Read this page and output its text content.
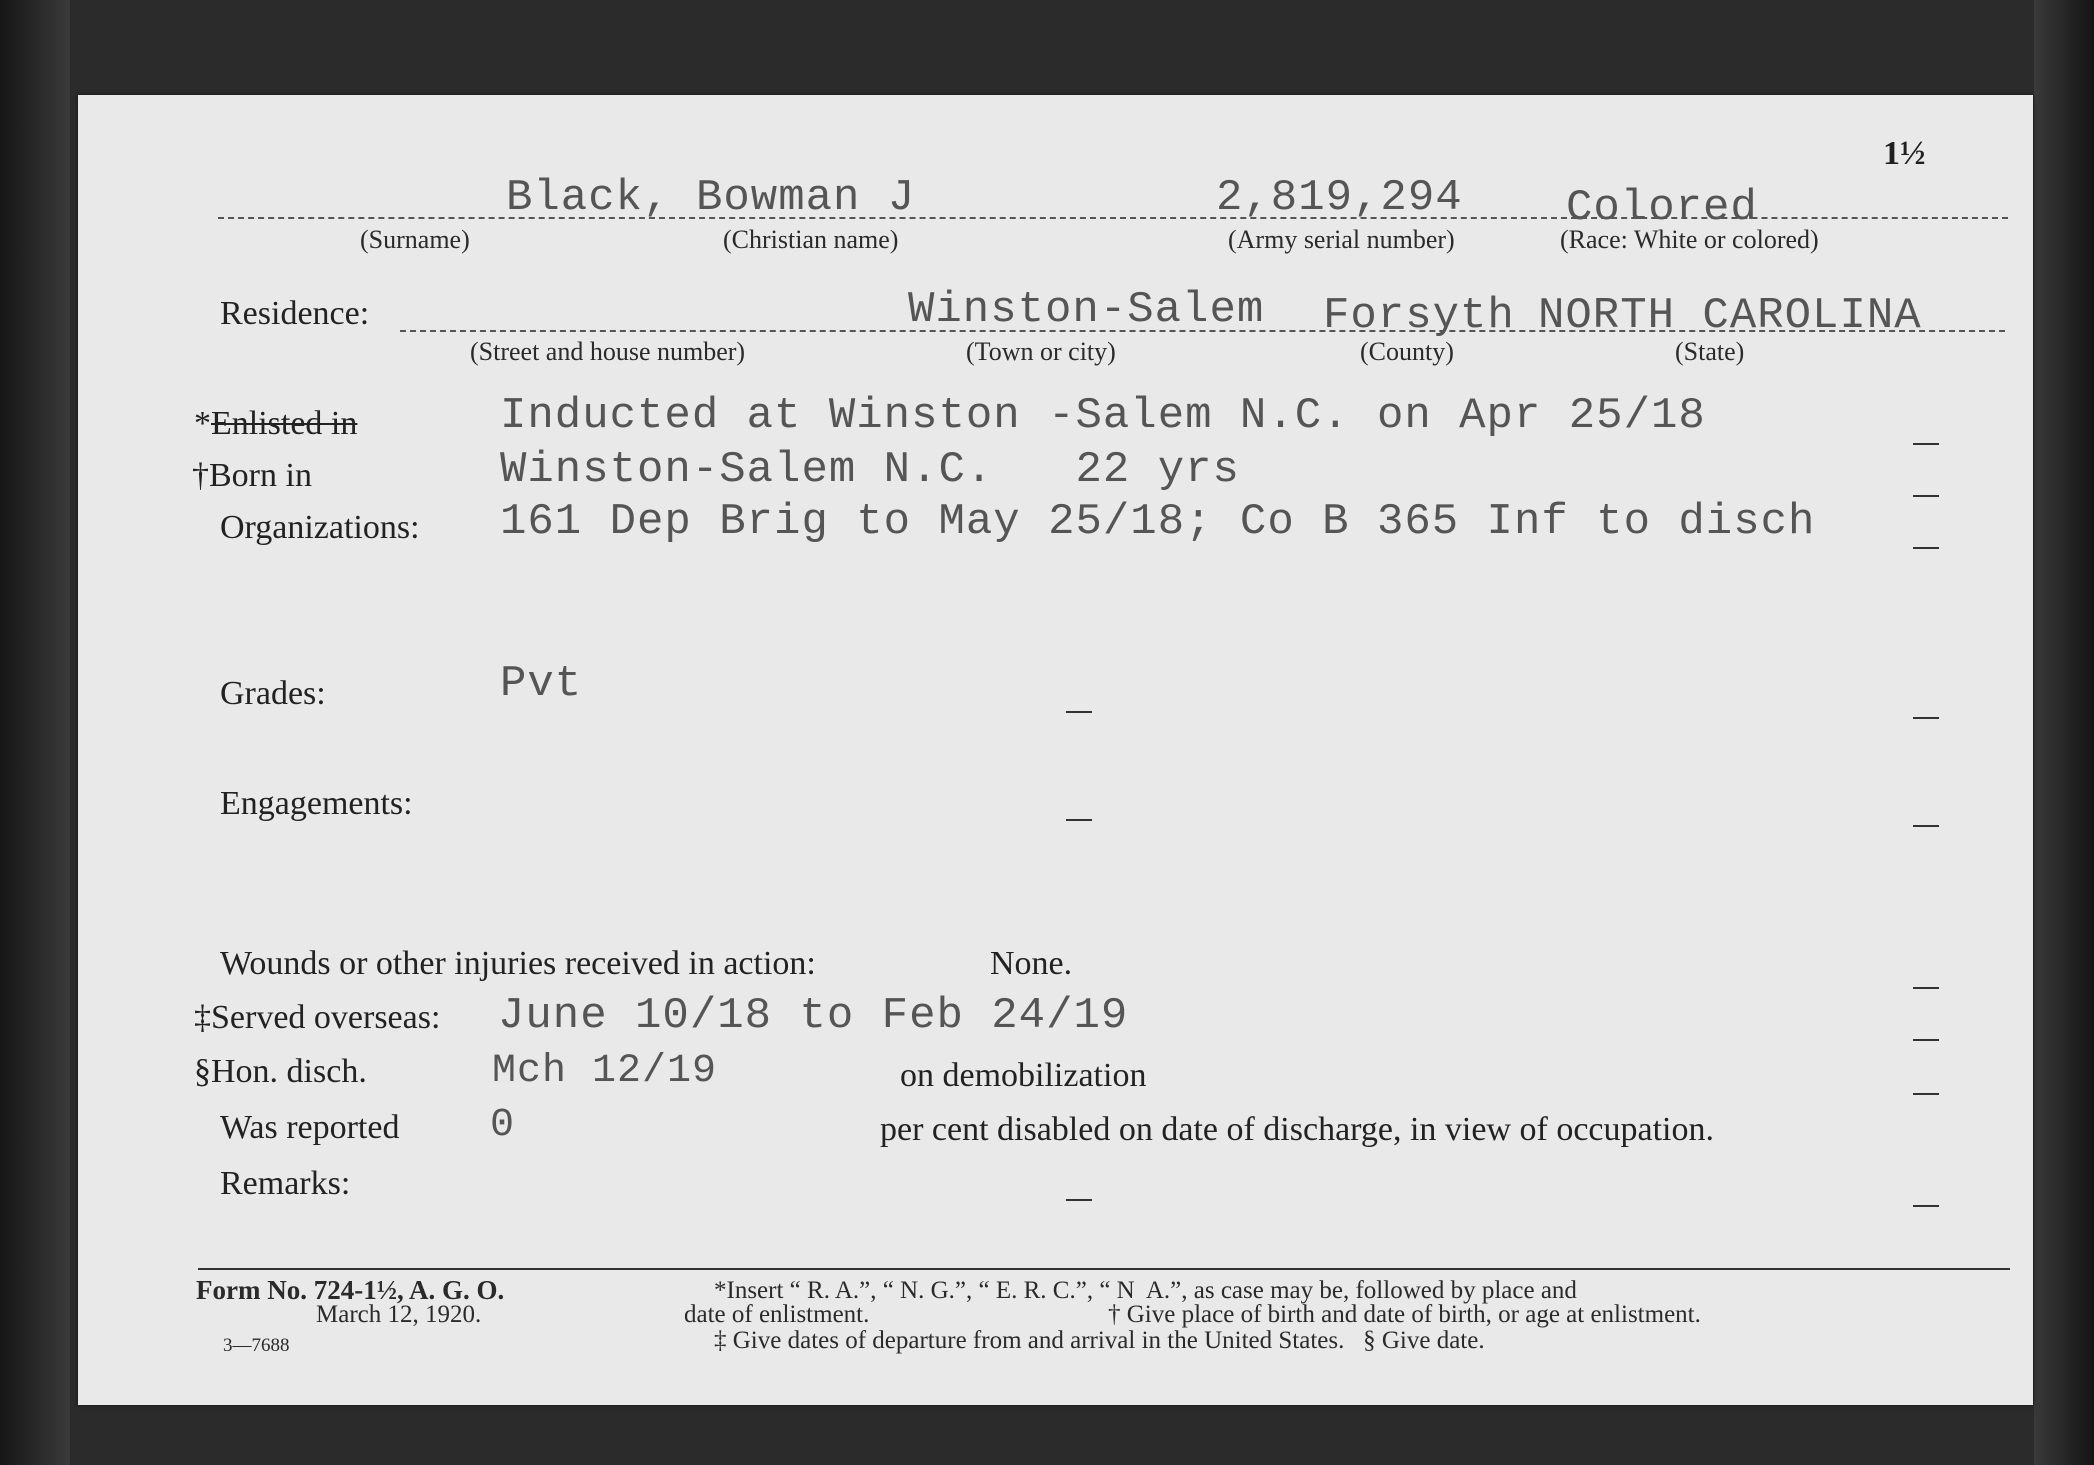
1½
Black, Bowman J	2,819,294 Colored
(Surname)	(Christian name)	(Army serial number)	(Race: White or colored)
Residence:	Winston-Salem Forsyth NORTH CAROLINA
(Street and house number)	(Town or city)	(County)	(State)
*Enlisted in	Inducted at Winston -Salem N.C. on Apr 25/18
†Born in	Winston-Salem N.C.   22 yrs
Organizations: 161 Dep Brig to May 25/18; Co B 365 Inf to disch
Grades:	Pvt
Engagements:
Wounds or other injuries received in action:	None.
‡Served overseas: June 10/18 to Feb 24/19
§Hon. disch.	Mch 12/19	on demobilization
Was reported 0	per cent disabled on date of discharge, in view of occupation.
Remarks:
Form No. 724-1½, A. G. O.
March 12, 1920.
3—7688
*Insert “ R. A.”, “ N. G.”, “ E. R. C.”, “ N  A.”, as case may be, followed by place and
date of enlistment.	† Give place of birth and date of birth, or age at enlistment.
‡ Give dates of departure from and arrival in the United States.   § Give date.
